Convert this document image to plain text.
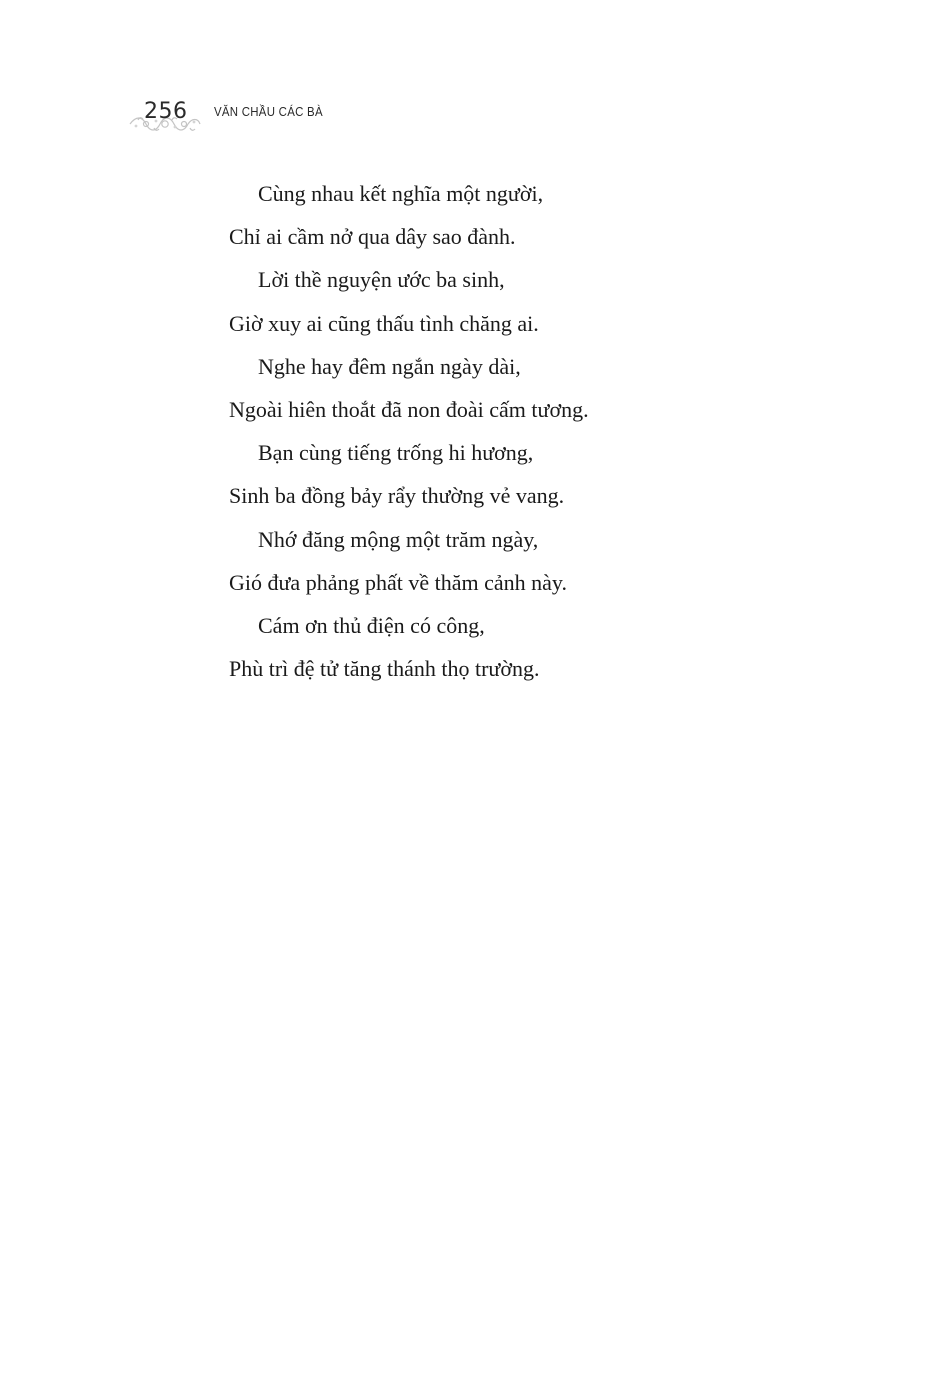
256 VĂN CHẦU CÁC BÀ
Cùng nhau kết nghĩa một người,
Chỉ ai cầm nở qua dây sao đành.
Lời thề nguyện ước ba sinh,
Giờ xuy ai cũng thấu tình chăng ai.
Nghe hay đêm ngắn ngày dài,
Ngoài hiên thoắt đã non đoài cấm tương.
Bạn cùng tiếng trống hi hương,
Sinh ba đồng bảy rẩy thường vẻ vang.
Nhớ đăng mộng một trăm ngày,
Gió đưa phảng phất về thăm cảnh này.
Cám ơn thủ điện có công,
Phù trì đệ tử tăng thánh thọ trường.
